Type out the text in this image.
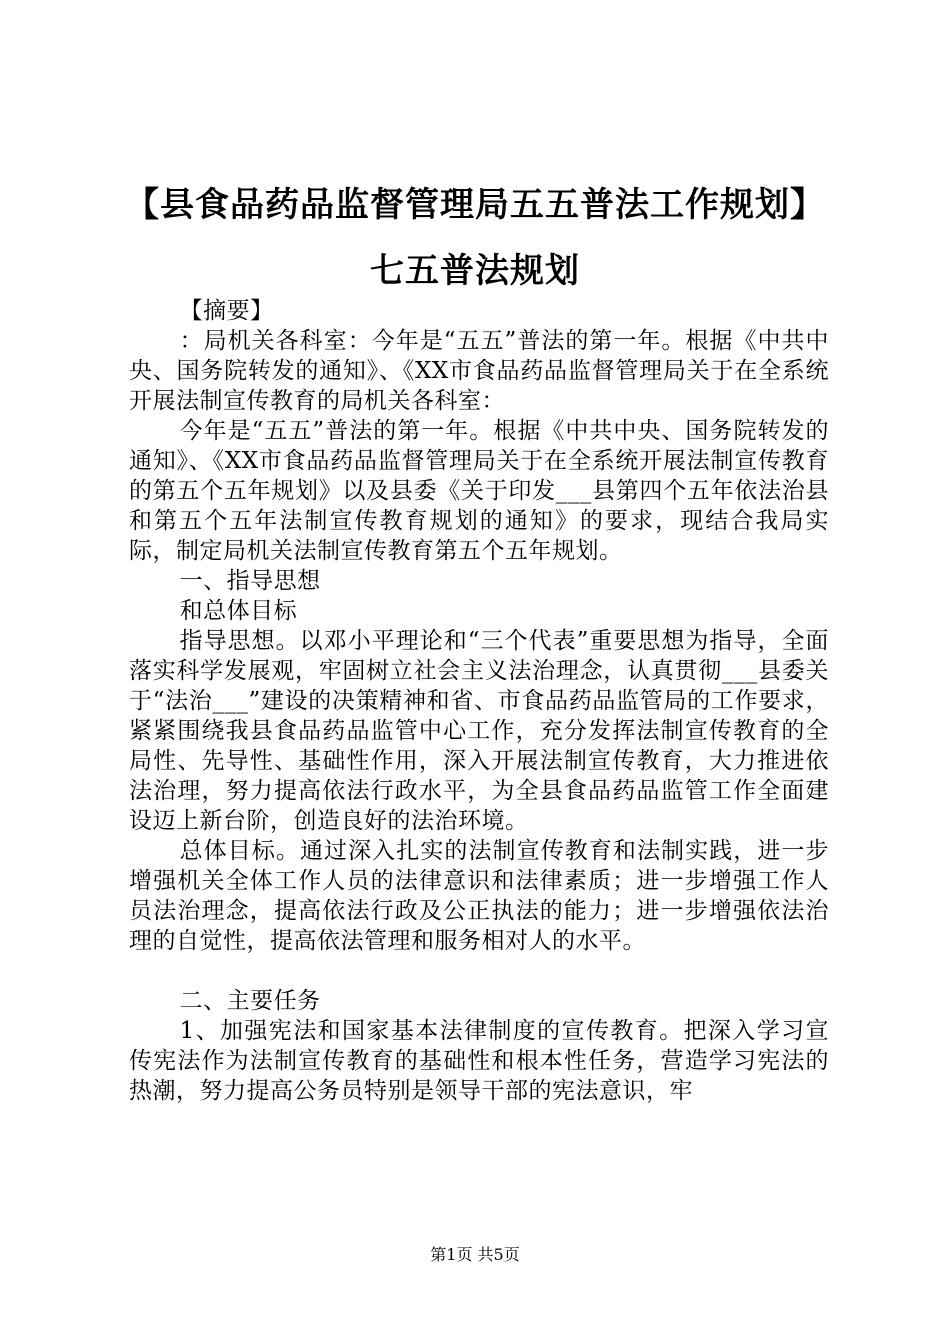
【县食品药品监督管理局五五普法工作规划】
七五普法规划

【摘要】

：局机关各科室：今年是“五五”普法的第一年。根据《中共中央、国务院转发的通知》、《XX市食品药品监督管理局关于在全系统开展法制宣传教育的局机关各科室：

今年是“五五”普法的第一年。根据《中共中央、国务院转发的通知》、《XX市食品药品监督管理局关于在全系统开展法制宣传教育的第五个五年规划》以及县委《关于印发___县第四个五年依法治县和第五个五年法制宣传教育规划的通知》的要求，现结合我局实际，制定局机关法制宣传教育第五个五年规划。

一、指导思想

和总体目标

指导思想。以邓小平理论和“三个代表”重要思想为指导，全面落实科学发展观，牢固树立社会主义法治理念，认真贯彻___县委关于“法治___”建设的决策精神和省、市食品药品监管局的工作要求，紧紧围绕我县食品药品监管中心工作，充分发挥法制宣传教育的全局性、先导性、基础性作用，深入开展法制宣传教育，大力推进依法治理，努力提高依法行政水平，为全县食品药品监管工作全面建设迈上新台阶，创造良好的法治环境。

总体目标。通过深入扎实的法制宣传教育和法制实践，进一步增强机关全体工作人员的法律意识和法律素质；进一步增强工作人员法治理念，提高依法行政及公正执法的能力；进一步增强依法治理的自觉性，提高依法管理和服务相对人的水平。

二、主要任务

1、加强宪法和国家基本法律制度的宣传教育。把深入学习宣传宪法作为法制宣传教育的基础性和根本性任务，营造学习宪法的热潮，努力提高公务员特别是领导干部的宪法意识，牢

第1页 共5页
